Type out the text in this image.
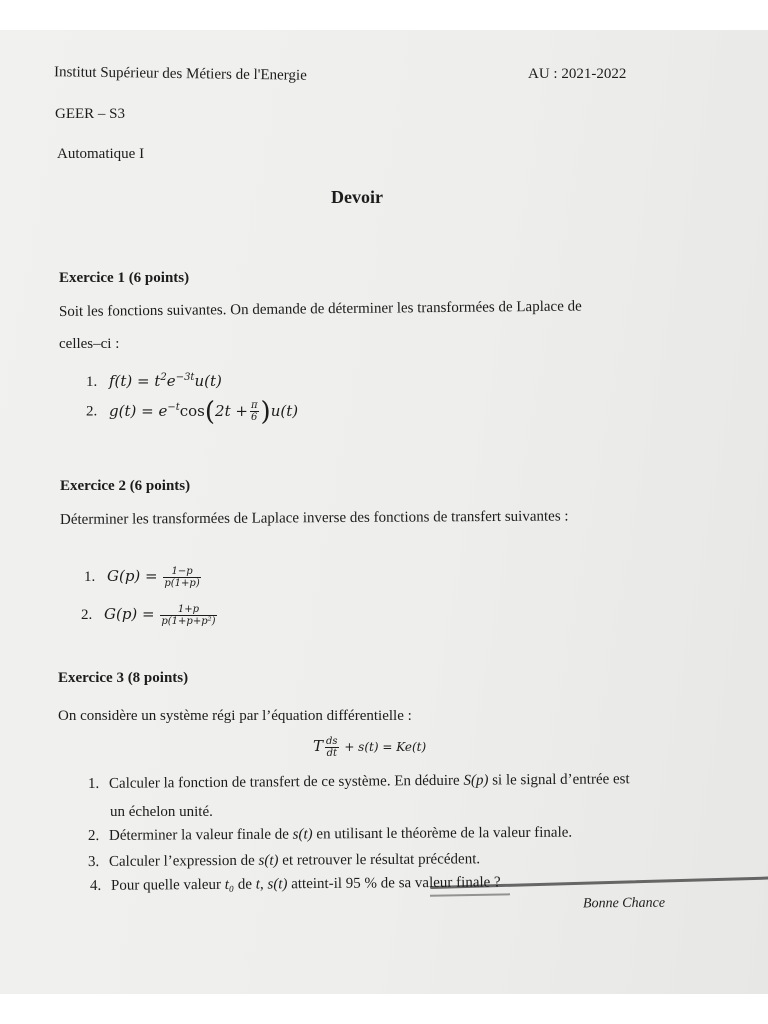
Institut Supérieur des Métiers de l'Energie	AU : 2021-2022
GEER – S3
Automatique I
Devoir
Exercice 1 (6 points)
Soit les fonctions suivantes. On demande de déterminer les transformées de Laplace de
celles–ci :
1. $f(t) = t^2e^{-3t}u(t)$
2. $g(t) = e^{-t}\cos(2t + \frac{\pi}{6} )u(t)$
Exercice 2 (6 points)
Déterminer les transformées de Laplace inverse des fonctions de transfert suivantes :
1. $G(p) = \frac{1-p}{p(1+p)}$
2. $G(p) = \frac{1+p}{\text{p(1+p+p²)}}$
Exercice 3 (8 points)
On considère un système régi par l’équation différentielle :
T $\frac{ds}{dt} + s(t) = Ke(t)$
1. Calculer la fonction de transfert de ce système. En déduire S(p) si le signal d’entrée est
un échelon unité.
2. Déterminer la valeur finale de s(t) en utilisant le théorème de la valeur finale.
3. Calculer l’expression de s(t) et retrouver le résultat précédent.
4. Pour quelle valeur t₀ de t, s(t) atteint-il 95 % de sa valeur finale ?
Bonne Chance
